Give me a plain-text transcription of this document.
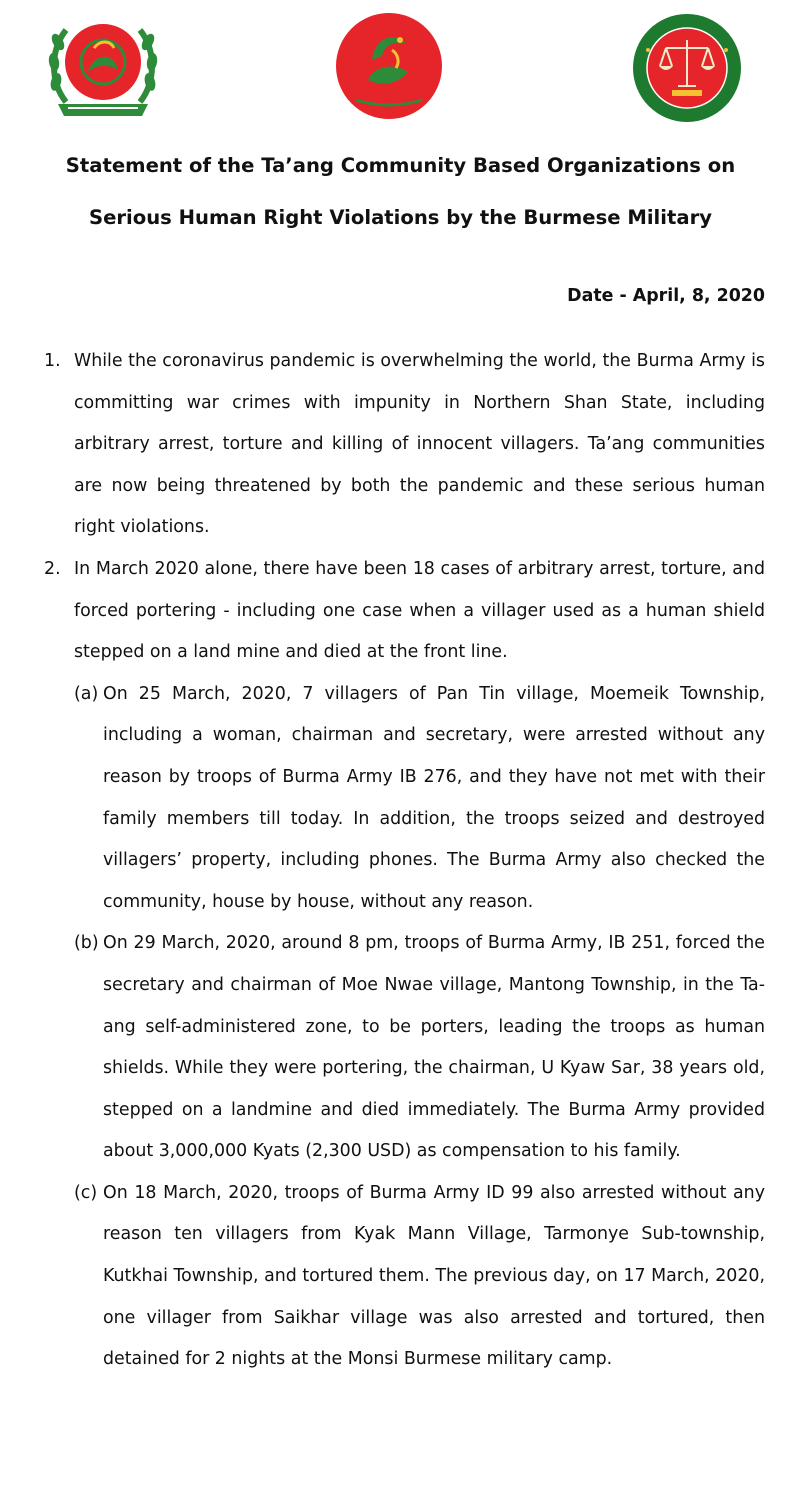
Statement of the Ta’ang Community Based Organizations on
Serious Human Right Violations by the Burmese Military
Date - April, 8, 2020
1. While the coronavirus pandemic is overwhelming the world, the Burma Army is committing war crimes with impunity in Northern Shan State, including arbitrary arrest, torture and killing of innocent villagers. Ta’ang communities are now being threatened by both the pandemic and these serious human right violations.
2. In March 2020 alone, there have been 18 cases of arbitrary arrest, torture, and forced portering - including one case when a villager used as a human shield stepped on a land mine and died at the front line.
(a) On 25 March, 2020, 7 villagers of Pan Tin village, Moemeik Township, including a woman, chairman and secretary, were arrested without any reason by troops of Burma Army IB 276, and they have not met with their family members till today. In addition, the troops seized and destroyed villagers’ property, including phones. The Burma Army also checked the community, house by house, without any reason.
(b) On 29 March, 2020, around 8 pm, troops of Burma Army, IB 251, forced the secretary and chairman of Moe Nwae village, Mantong Township, in the Ta-ang self-administered zone, to be porters, leading the troops as human shields. While they were portering, the chairman, U Kyaw Sar, 38 years old, stepped on a landmine and died immediately. The Burma Army provided about 3,000,000 Kyats (2,300 USD) as compensation to his family.
(c) On 18 March, 2020, troops of Burma Army ID 99 also arrested without any reason ten villagers from Kyak Mann Village, Tarmonye Sub-township, Kutkhai Township, and tortured them. The previous day, on 17 March, 2020, one villager from Saikhar village was also arrested and tortured, then detained for 2 nights at the Monsi Burmese military camp.
